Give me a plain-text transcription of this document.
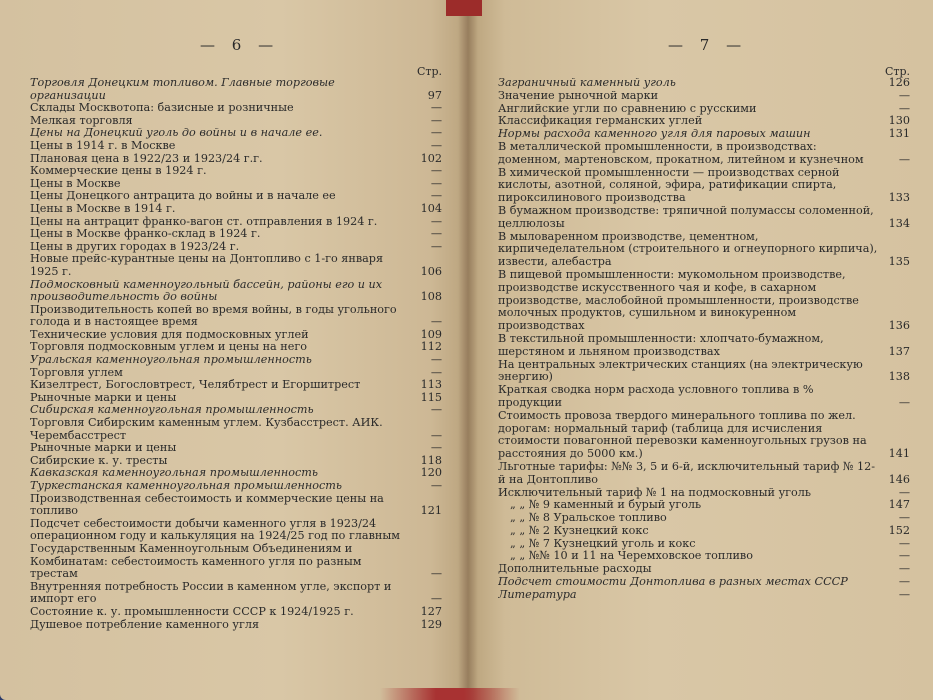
— 6 —
Стр.
Торговля Донецким топливом. Главные торговые организации	97
Склады Москвотопа: базисные и розничные	—
Мелкая торговля	—
Цены на Донецкий уголь до войны и в начале ее.	—
Цены в 1914 г. в Москве	—
Плановая цена в 1922/23 и 1923/24 г.г.	102
Коммерческие цены в 1924 г.	—
Цены в Москве	—
Цены Донецкого антрацита до войны и в начале ее	—
Цены в Москве в 1914 г.	104
Цены на антрацит франко-вагон ст. отправления в 1924 г.	—
Цены в Москве франко-склад в 1924 г.	—
Цены в других городах в 1923/24 г.	—
Новые прейс-курантные цены на Донтопливо с 1-го января 1925 г.	106
Подмосковный каменноугольный бассейн, районы его и их производительность до войны	108
Производительность копей во время войны, в годы угольного голода и в настоящее время	—
Технические условия для подмосковных углей	109
Торговля подмосковным углем и цены на него	112
Уральская каменноугольная промышленность	—
Торговля углем	—
Кизелтрест, Богословтрест, Челябтрест и Егоршитрест	113
Рыночные марки и цены	115
Сибирская каменноугольная промышленность	—
Торговля Сибирским каменным углем. Кузбасстрест. АИК. Черембасстрест	—
Рыночные марки и цены	—
Сибирские к. у. тресты	118
Кавказская каменноугольная промышленность	120
Туркестанская каменноугольная промышленность	—
Производственная себестоимость и коммерческие цены на топливо	121
Подсчет себестоимости добычи каменного угля в 1923/24 операционном году и калькуляция на 1924/25 год по главным Государственным Каменноугольным Объединениям и Комбинатам: себестоимость каменного угля по разным трестам	—
Внутренняя потребность России в каменном угле, экспорт и импорт его	—
Состояние к. у. промышленности СССР к 1924/1925 г.	127
Душевое потребление каменного угля	129
— 7 —
Стр.
Заграничный каменный уголь	126
Значение рыночной марки	—
Английские угли по сравнению с русскими	—
Классификация германских углей	130
Нормы расхода каменного угля для паровых машин	131
В металлической промышленности, в производствах: доменном, мартеновском, прокатном, литейном и кузнечном	—
В химической промышленности — производствах серной кислоты, азотной, соляной, эфира, ратификации спирта, пироксилинового производства	133
В бумажном производстве: тряпичной полумассы соломенной, целлюлозы	134
В мыловаренном производстве, цементном, кирпичеделательном (строительного и огнеупорного кирпича), извести, алебастра	135
В пищевой промышленности: мукомольном производстве, производстве искусственного чая и кофе, в сахарном производстве, маслобойной промышленности, производстве молочных продуктов, сушильном и винокуренном производствах	136
В текстильной промышленности: хлопчато-бумажном, шерстяном и льняном производствах	137
На центральных электрических станциях (на электрическую энергию)	138
Краткая сводка норм расхода условного топлива в % продукции	—
Стоимость провоза твердого минерального топлива по жел. дорогам: нормальный тариф (таблица для исчисления стоимости повагонной перевозки каменноугольных грузов на расстояния до 5000 км.)	141
Льготные тарифы: №№ 3, 5 и 6-й, исключительный тариф № 12-й на Донтопливо	146
Исключительный тариф № 1 на подмосковный уголь	—
„ „ № 9 каменный и бурый уголь	147
„ „ № 8 Уральское топливо	—
„ „ № 2 Кузнецкий кокс	152
„ „ № 7 Кузнецкий уголь и кокс	—
„ „ №№ 10 и 11 на Черемховское топливо	—
Дополнительные расходы	—
Подсчет стоимости Донтоплива в разных местах СССР	—
Литература	—
